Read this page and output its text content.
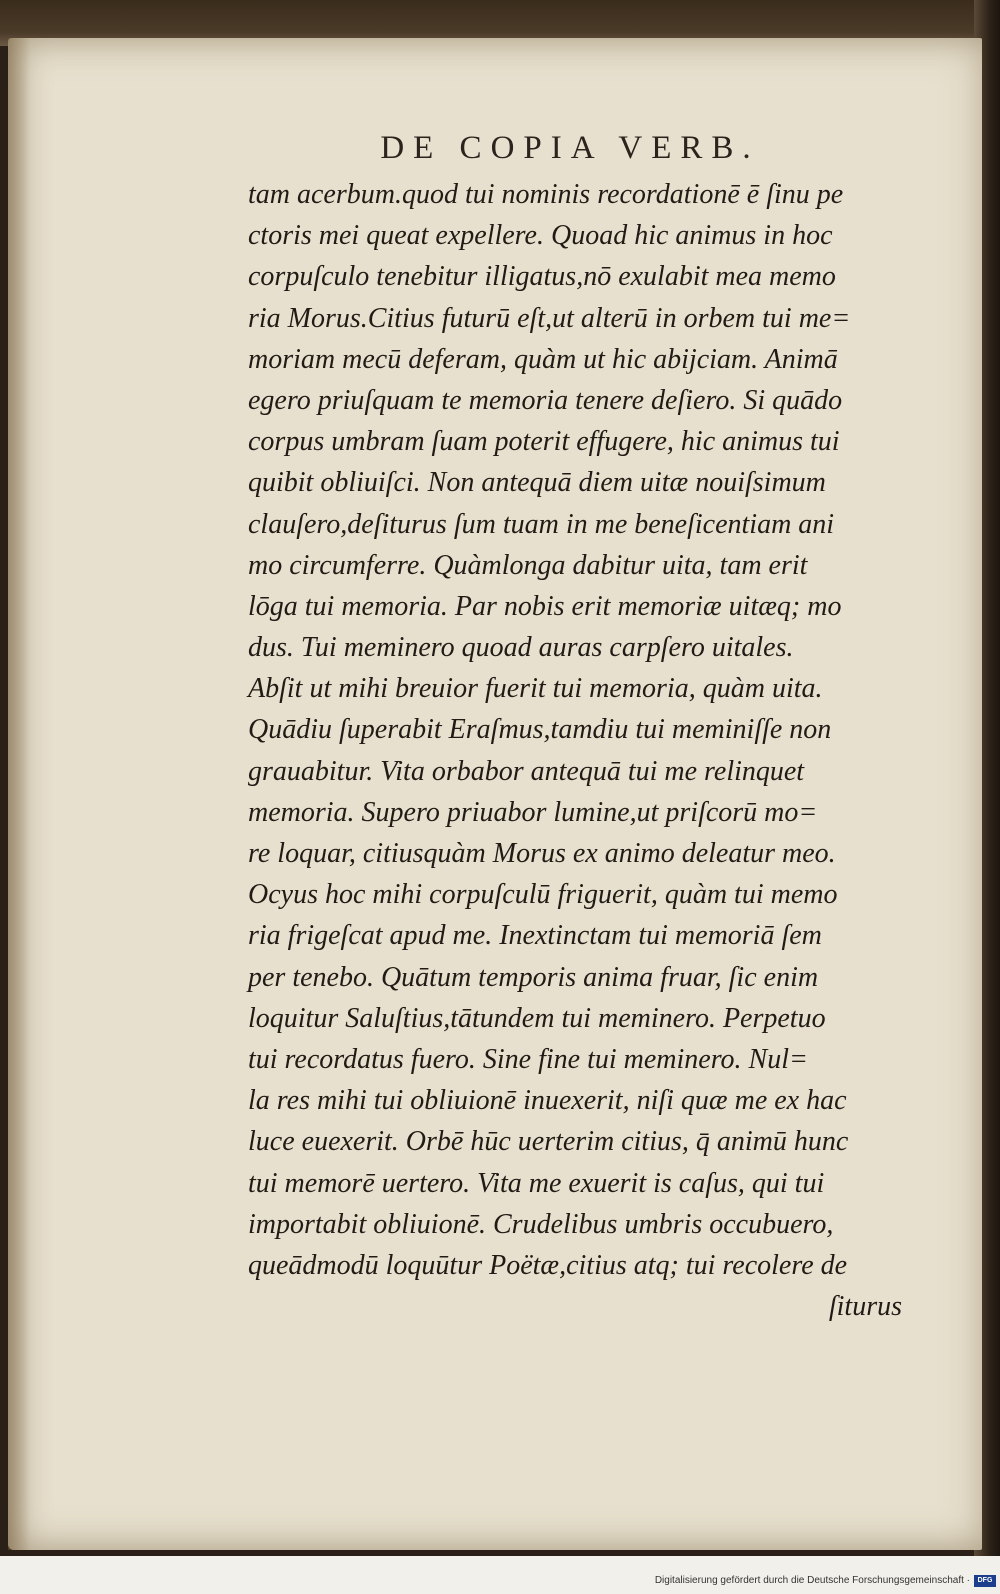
DE COPIA VERB.
tam acerbum.quod tui nominis recordationē ē ſinu pe
ctoris mei queat expellere. Quoad hic animus in hoc
corpuſculo tenebitur illigatus,nō exulabit mea memo
ria Morus.Citius futurū eſt,ut alterū in orbem tui me=
moriam mecū deferam, quàm ut hic abijciam. Animā
egero priuſquam te memoria tenere deſiero. Si quādo
corpus umbram ſuam poterit effugere, hic animus tui
quibit obliuiſci. Non antequā diem uitæ nouiſsimum
clauſero,deſiturus ſum tuam in me beneſicentiam ani
mo circumferre. Quàmlonga dabitur uita, tam erit
lōga tui memoria. Par nobis erit memoriæ uitæq; mo
dus. Tui meminero quoad auras carpſero uitales.
Abſit ut mihi breuior fuerit tui memoria, quàm uita.
Quādiu ſuperabit Eraſmus,tamdiu tui meminiſſe non
grauabitur. Vita orbabor antequā tui me relinquet
memoria. Supero priuabor lumine,ut priſcorū mo=
re loquar, citiusquàm Morus ex animo deleatur meo.
Ocyus hoc mihi corpuſculū friguerit, quàm tui memo
ria frigeſcat apud me. Inextinctam tui memoriā ſem
per tenebo. Quātum temporis anima fruar, ſic enim
loquitur Saluſtius,tātundem tui meminero. Perpetuo
tui recordatus fuero. Sine fine tui meminero. Nul=
la res mihi tui obliuionē inuexerit, niſi quæ me ex hac
luce euexerit. Orbē hūc uerterim citius, q̄ animū hunc
tui memorē uertero. Vita me exuerit is caſus, qui tui
importabit obliuionē. Crudelibus umbris occubuero,
queādmodū loquūtur Poëtæ,citius atq; tui recolere de
ſiturus
Digitalisierung gefördert durch die Deutsche Forschungsgemeinschaft ·	DFG
